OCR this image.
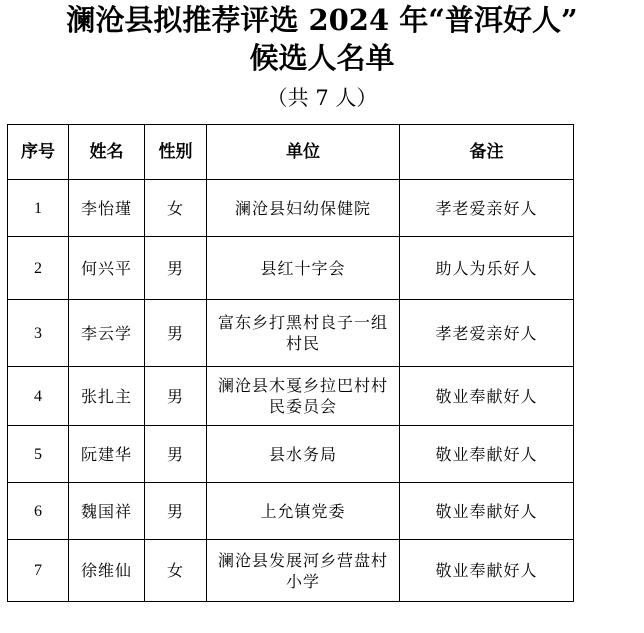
澜沧县拟推荐评选 2024 年“普洱好人”
候选人名单
（共 7 人）
序号	姓名	性别	单位	备注
1	李怡瑾	女	澜沧县妇幼保健院	孝老爱亲好人
2	何兴平	男	县红十字会	助人为乐好人
3	李云学	男	富东乡打黑村良子一组村民	孝老爱亲好人
4	张扎主	男	澜沧县木戛乡拉巴村村民委员会	敬业奉献好人
5	阮建华	男	县水务局	敬业奉献好人
6	魏国祥	男	上允镇党委	敬业奉献好人
7	徐维仙	女	澜沧县发展河乡营盘村小学	敬业奉献好人
